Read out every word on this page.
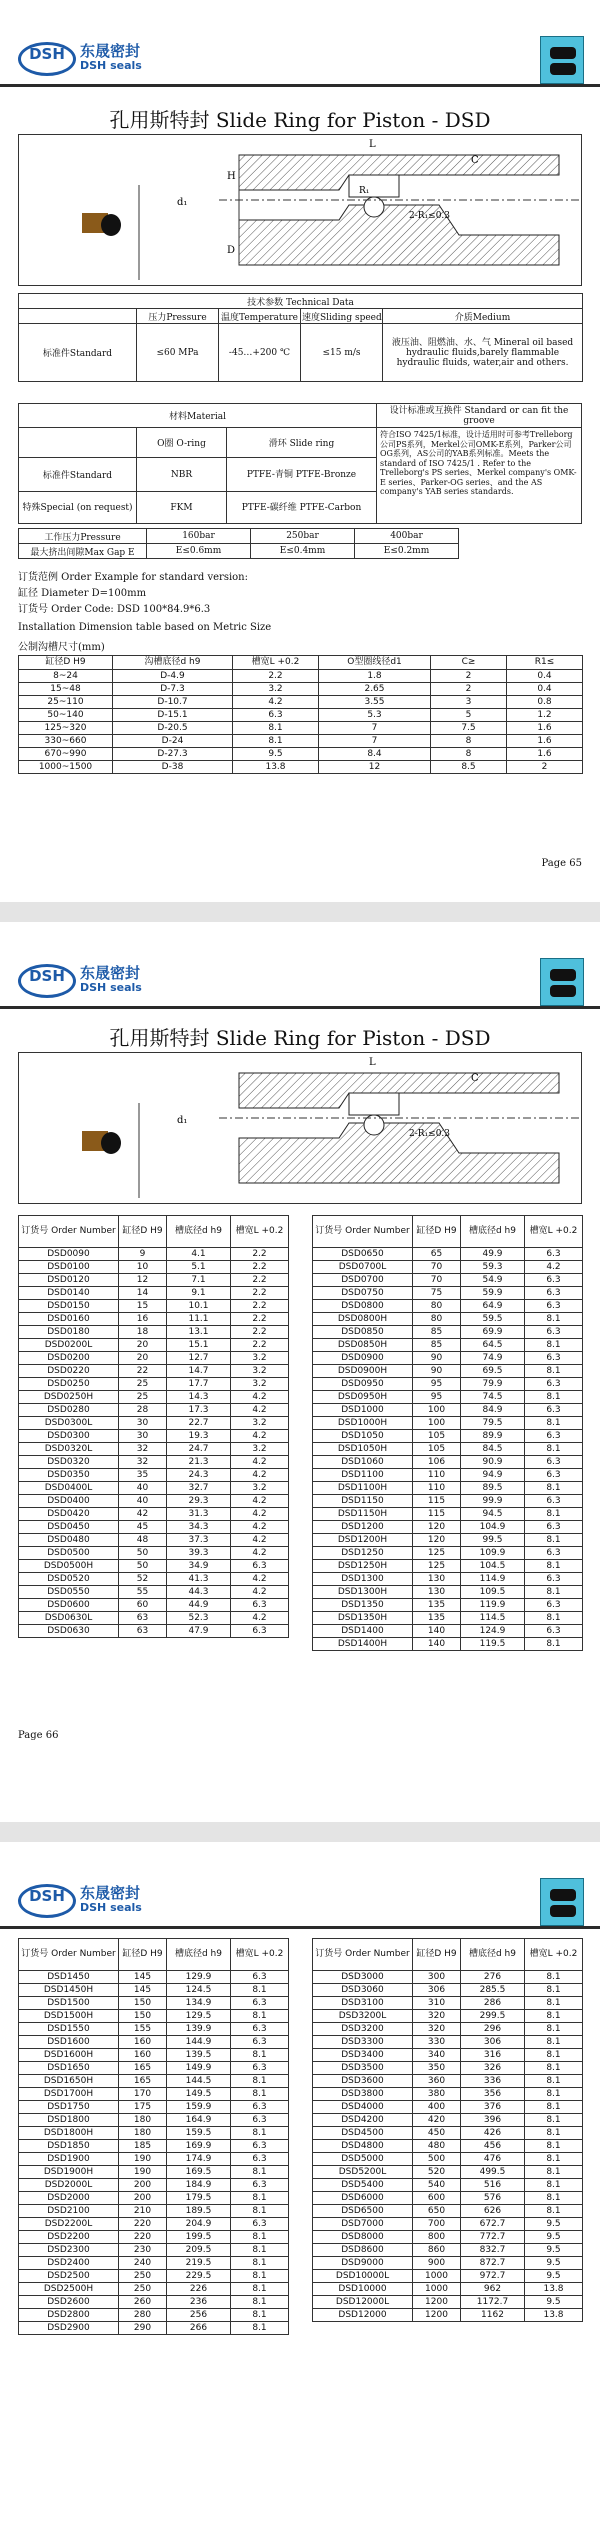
DSH	东晟密封
DSH seals
孔用斯特封 Slide Ring for Piston - DSD
d₁
L
C
R₁
2-R₁≤0.3
D
H
技术参数 Technical Data				
	压力Pressure	温度Temperature	速度Sliding speed	介质Medium
标准件Standard	≤60 MPa	-45…+200 ℃	≤15 m/s	液压油、阻燃油、水、气 Mineral oil based hydraulic fluids,barely flammable hydraulic fluids, water,air and others.
材料Material		
	O圈 O-ring	滑环 Slide ring
标准件Standard	NBR	PTFE-青铜 PTFE-Bronze
特殊Special (on request)	FKM	PTFE-碳纤维 PTFE-Carbon
设计标准或互换件 Standard or can fit the groove
符合ISO 7425/1标准，设计适用时可参考Trelleborg公司PS系列，Merkel公司OMK-E系列，Parker公司OG系列，AS公司的YAB系列标准。Meets the standard of ISO 7425/1 . Refer to the Trelleborg's PS series、Merkel company's OMK-E series、Parker-OG series、and the AS company's YAB series standards.
工作压力Pressure	160bar	250bar	400bar
最大挤出间隙Max Gap E	E≤0.6mm	E≤0.4mm	E≤0.2mm
订货范例 Order Example for standard version:
缸径 Diameter D=100mm
订货号 Order Code: DSD 100*84.9*6.3
Installation Dimension table based on Metric Size
公制沟槽尺寸(mm)
缸径D H9	沟槽底径d h9	槽宽L +0.2	O型圈线径d1	C≥	R1≤
8~24	D-4.9	2.2	1.8	2	0.4
15~48	D-7.3	3.2	2.65	2	0.4
25~110	D-10.7	4.2	3.55	3	0.8
50~140	D-15.1	6.3	5.3	5	1.2
125~320	D-20.5	8.1	7	7.5	1.6
330~660	D-24	8.1	7	8	1.6
670~990	D-27.3	9.5	8.4	8	1.6
1000~1500	D-38	13.8	12	8.5	2
Page 65
DSH	东晟密封
DSH seals
孔用斯特封 Slide Ring for Piston - DSD
d₁
L
C
2-R₁≤0.3
订货号 Order Number	缸径D H9	槽底径d h9	槽宽L +0.2
DSD0090	9	4.1	2.2
DSD0100	10	5.1	2.2
DSD0120	12	7.1	2.2
DSD0140	14	9.1	2.2
DSD0150	15	10.1	2.2
DSD0160	16	11.1	2.2
DSD0180	18	13.1	2.2
DSD0200L	20	15.1	2.2
DSD0200	20	12.7	3.2
DSD0220	22	14.7	3.2
DSD0250	25	17.7	3.2
DSD0250H	25	14.3	4.2
DSD0280	28	17.3	4.2
DSD0300L	30	22.7	3.2
DSD0300	30	19.3	4.2
DSD0320L	32	24.7	3.2
DSD0320	32	21.3	4.2
DSD0350	35	24.3	4.2
DSD0400L	40	32.7	3.2
DSD0400	40	29.3	4.2
DSD0420	42	31.3	4.2
DSD0450	45	34.3	4.2
DSD0480	48	37.3	4.2
DSD0500	50	39.3	4.2
DSD0500H	50	34.9	6.3
DSD0520	52	41.3	4.2
DSD0550	55	44.3	4.2
DSD0600	60	44.9	6.3
DSD0630L	63	52.3	4.2
DSD0630	63	47.9	6.3
订货号 Order Number	缸径D H9	槽底径d h9	槽宽L +0.2
DSD0650	65	49.9	6.3
DSD0700L	70	59.3	4.2
DSD0700	70	54.9	6.3
DSD0750	75	59.9	6.3
DSD0800	80	64.9	6.3
DSD0800H	80	59.5	8.1
DSD0850	85	69.9	6.3
DSD0850H	85	64.5	8.1
DSD0900	90	74.9	6.3
DSD0900H	90	69.5	8.1
DSD0950	95	79.9	6.3
DSD0950H	95	74.5	8.1
DSD1000	100	84.9	6.3
DSD1000H	100	79.5	8.1
DSD1050	105	89.9	6.3
DSD1050H	105	84.5	8.1
DSD1060	106	90.9	6.3
DSD1100	110	94.9	6.3
DSD1100H	110	89.5	8.1
DSD1150	115	99.9	6.3
DSD1150H	115	94.5	8.1
DSD1200	120	104.9	6.3
DSD1200H	120	99.5	8.1
DSD1250	125	109.9	6.3
DSD1250H	125	104.5	8.1
DSD1300	130	114.9	6.3
DSD1300H	130	109.5	8.1
DSD1350	135	119.9	6.3
DSD1350H	135	114.5	8.1
DSD1400	140	124.9	6.3
DSD1400H	140	119.5	8.1
Page 66
DSH	东晟密封
DSH seals
订货号 Order Number	缸径D H9	槽底径d h9	槽宽L +0.2
DSD1450	145	129.9	6.3
DSD1450H	145	124.5	8.1
DSD1500	150	134.9	6.3
DSD1500H	150	129.5	8.1
DSD1550	155	139.9	6.3
DSD1600	160	144.9	6.3
DSD1600H	160	139.5	8.1
DSD1650	165	149.9	6.3
DSD1650H	165	144.5	8.1
DSD1700H	170	149.5	8.1
DSD1750	175	159.9	6.3
DSD1800	180	164.9	6.3
DSD1800H	180	159.5	8.1
DSD1850	185	169.9	6.3
DSD1900	190	174.9	6.3
DSD1900H	190	169.5	8.1
DSD2000L	200	184.9	6.3
DSD2000	200	179.5	8.1
DSD2100	210	189.5	8.1
DSD2200L	220	204.9	6.3
DSD2200	220	199.5	8.1
DSD2300	230	209.5	8.1
DSD2400	240	219.5	8.1
DSD2500	250	229.5	8.1
DSD2500H	250	226	8.1
DSD2600	260	236	8.1
DSD2800	280	256	8.1
DSD2900	290	266	8.1
订货号 Order Number	缸径D H9	槽底径d h9	槽宽L +0.2
DSD3000	300	276	8.1
DSD3060	306	285.5	8.1
DSD3100	310	286	8.1
DSD3200L	320	299.5	8.1
DSD3200	320	296	8.1
DSD3300	330	306	8.1
DSD3400	340	316	8.1
DSD3500	350	326	8.1
DSD3600	360	336	8.1
DSD3800	380	356	8.1
DSD4000	400	376	8.1
DSD4200	420	396	8.1
DSD4500	450	426	8.1
DSD4800	480	456	8.1
DSD5000	500	476	8.1
DSD5200L	520	499.5	8.1
DSD5400	540	516	8.1
DSD6000	600	576	8.1
DSD6500	650	626	8.1
DSD7000	700	672.7	9.5
DSD8000	800	772.7	9.5
DSD8600	860	832.7	9.5
DSD9000	900	872.7	9.5
DSD10000L	1000	972.7	9.5
DSD10000	1000	962	13.8
DSD12000L	1200	1172.7	9.5
DSD12000	1200	1162	13.8
